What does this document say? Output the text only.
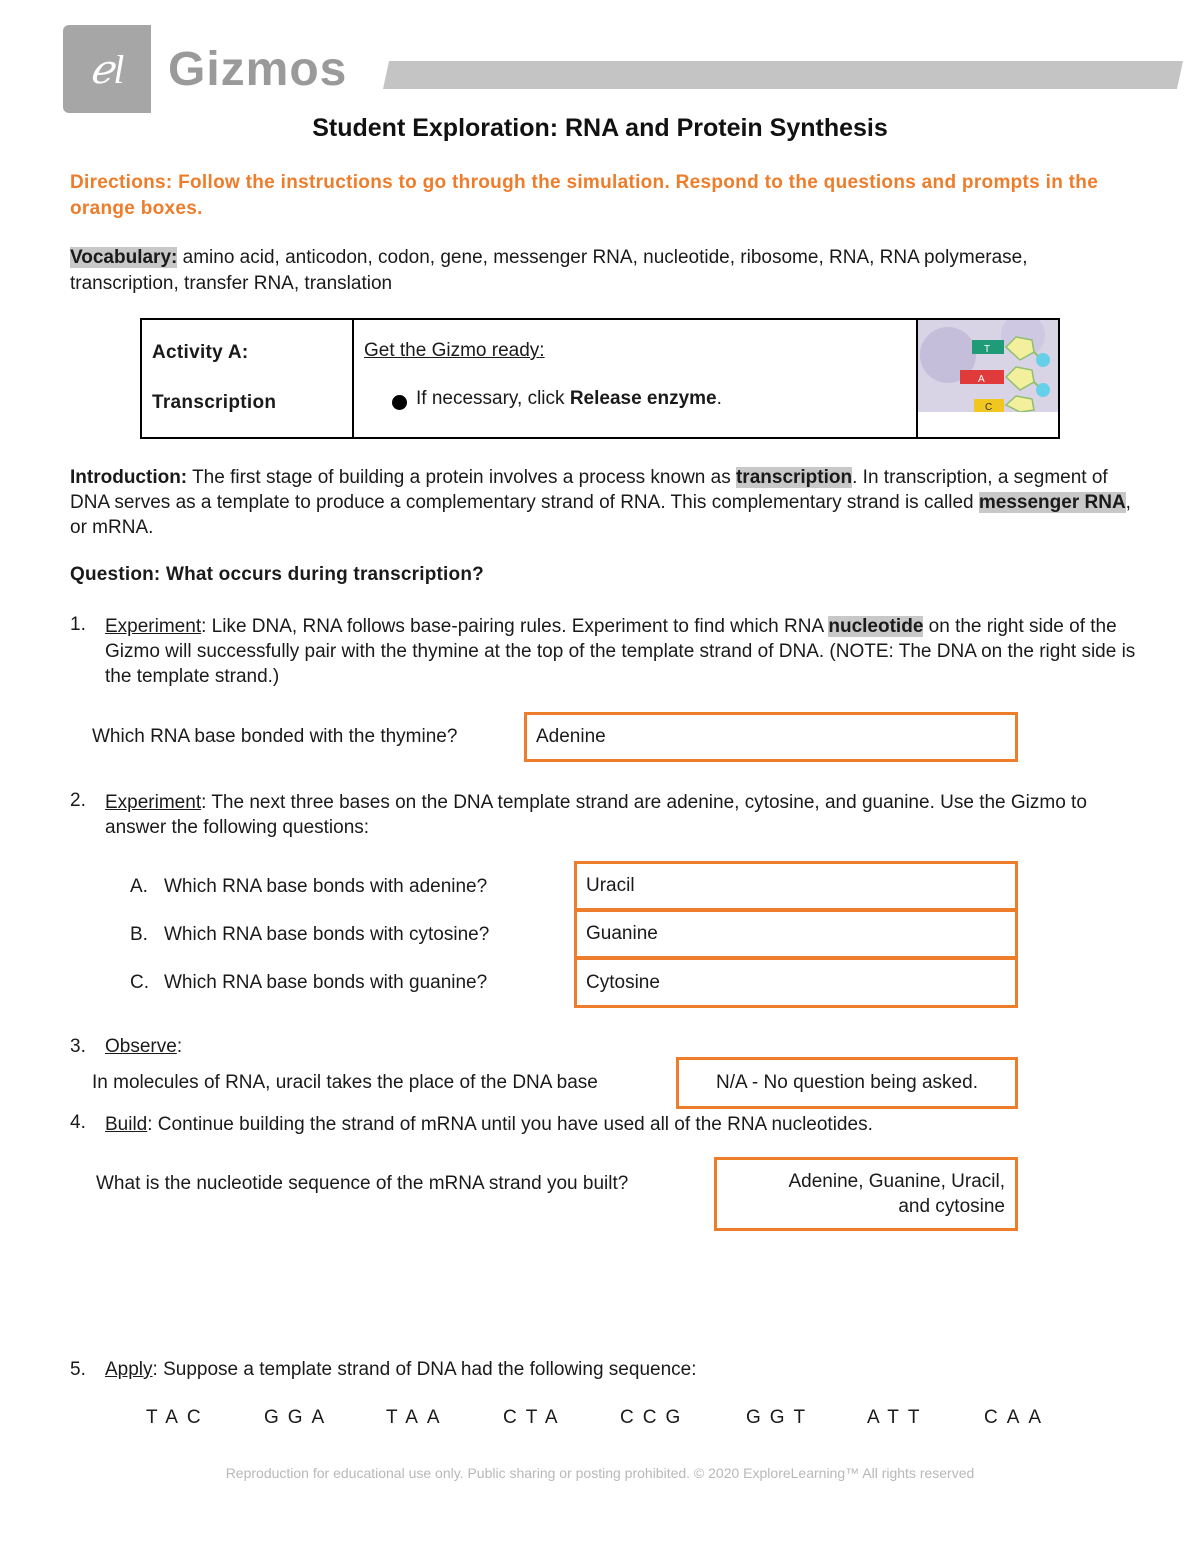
ℯl Gizmos
Student Exploration: RNA and Protein Synthesis
Directions: Follow the instructions to go through the simulation. Respond to the questions and prompts in the orange boxes.
Vocabulary: amino acid, anticodon, codon, gene, messenger RNA, nucleotide, ribosome, RNA, RNA polymerase, transcription, transfer RNA, translation
Activity A:
Transcription
Get the Gizmo ready:
If necessary, click Release enzyme.
T
A
C
Introduction: The first stage of building a protein involves a process known as transcription. In transcription, a segment of DNA serves as a template to produce a complementary strand of RNA. This complementary strand is called messenger RNA, or mRNA.
Question: What occurs during transcription?
1. Experiment: Like DNA, RNA follows base-pairing rules. Experiment to find which RNA nucleotide on the right side of the Gizmo will successfully pair with the thymine at the top of the template strand of DNA. (NOTE: The DNA on the right side is the template strand.)
Which RNA base bonded with the thymine?	Adenine
2. Experiment: The next three bases on the DNA template strand are adenine, cytosine, and guanine. Use the Gizmo to answer the following questions:
A. Which RNA base bonds with adenine?	Uracil
B. Which RNA base bonds with cytosine?	Guanine
C. Which RNA base bonds with guanine?	Cytosine
3. Observe:
In molecules of RNA, uracil takes the place of the DNA base	N/A - No question being asked.
4. Build: Continue building the strand of mRNA until you have used all of the RNA nucleotides.
What is the nucleotide sequence of the mRNA strand you built?	Adenine, Guanine, Uracil,
and cytosine
5. Apply: Suppose a template strand of DNA had the following sequence:
TAC	GGA	TAA	CTA	CCG	GGT	ATT	CAA
Reproduction for educational use only. Public sharing or posting prohibited. © 2020 ExploreLearning™ All rights reserved
